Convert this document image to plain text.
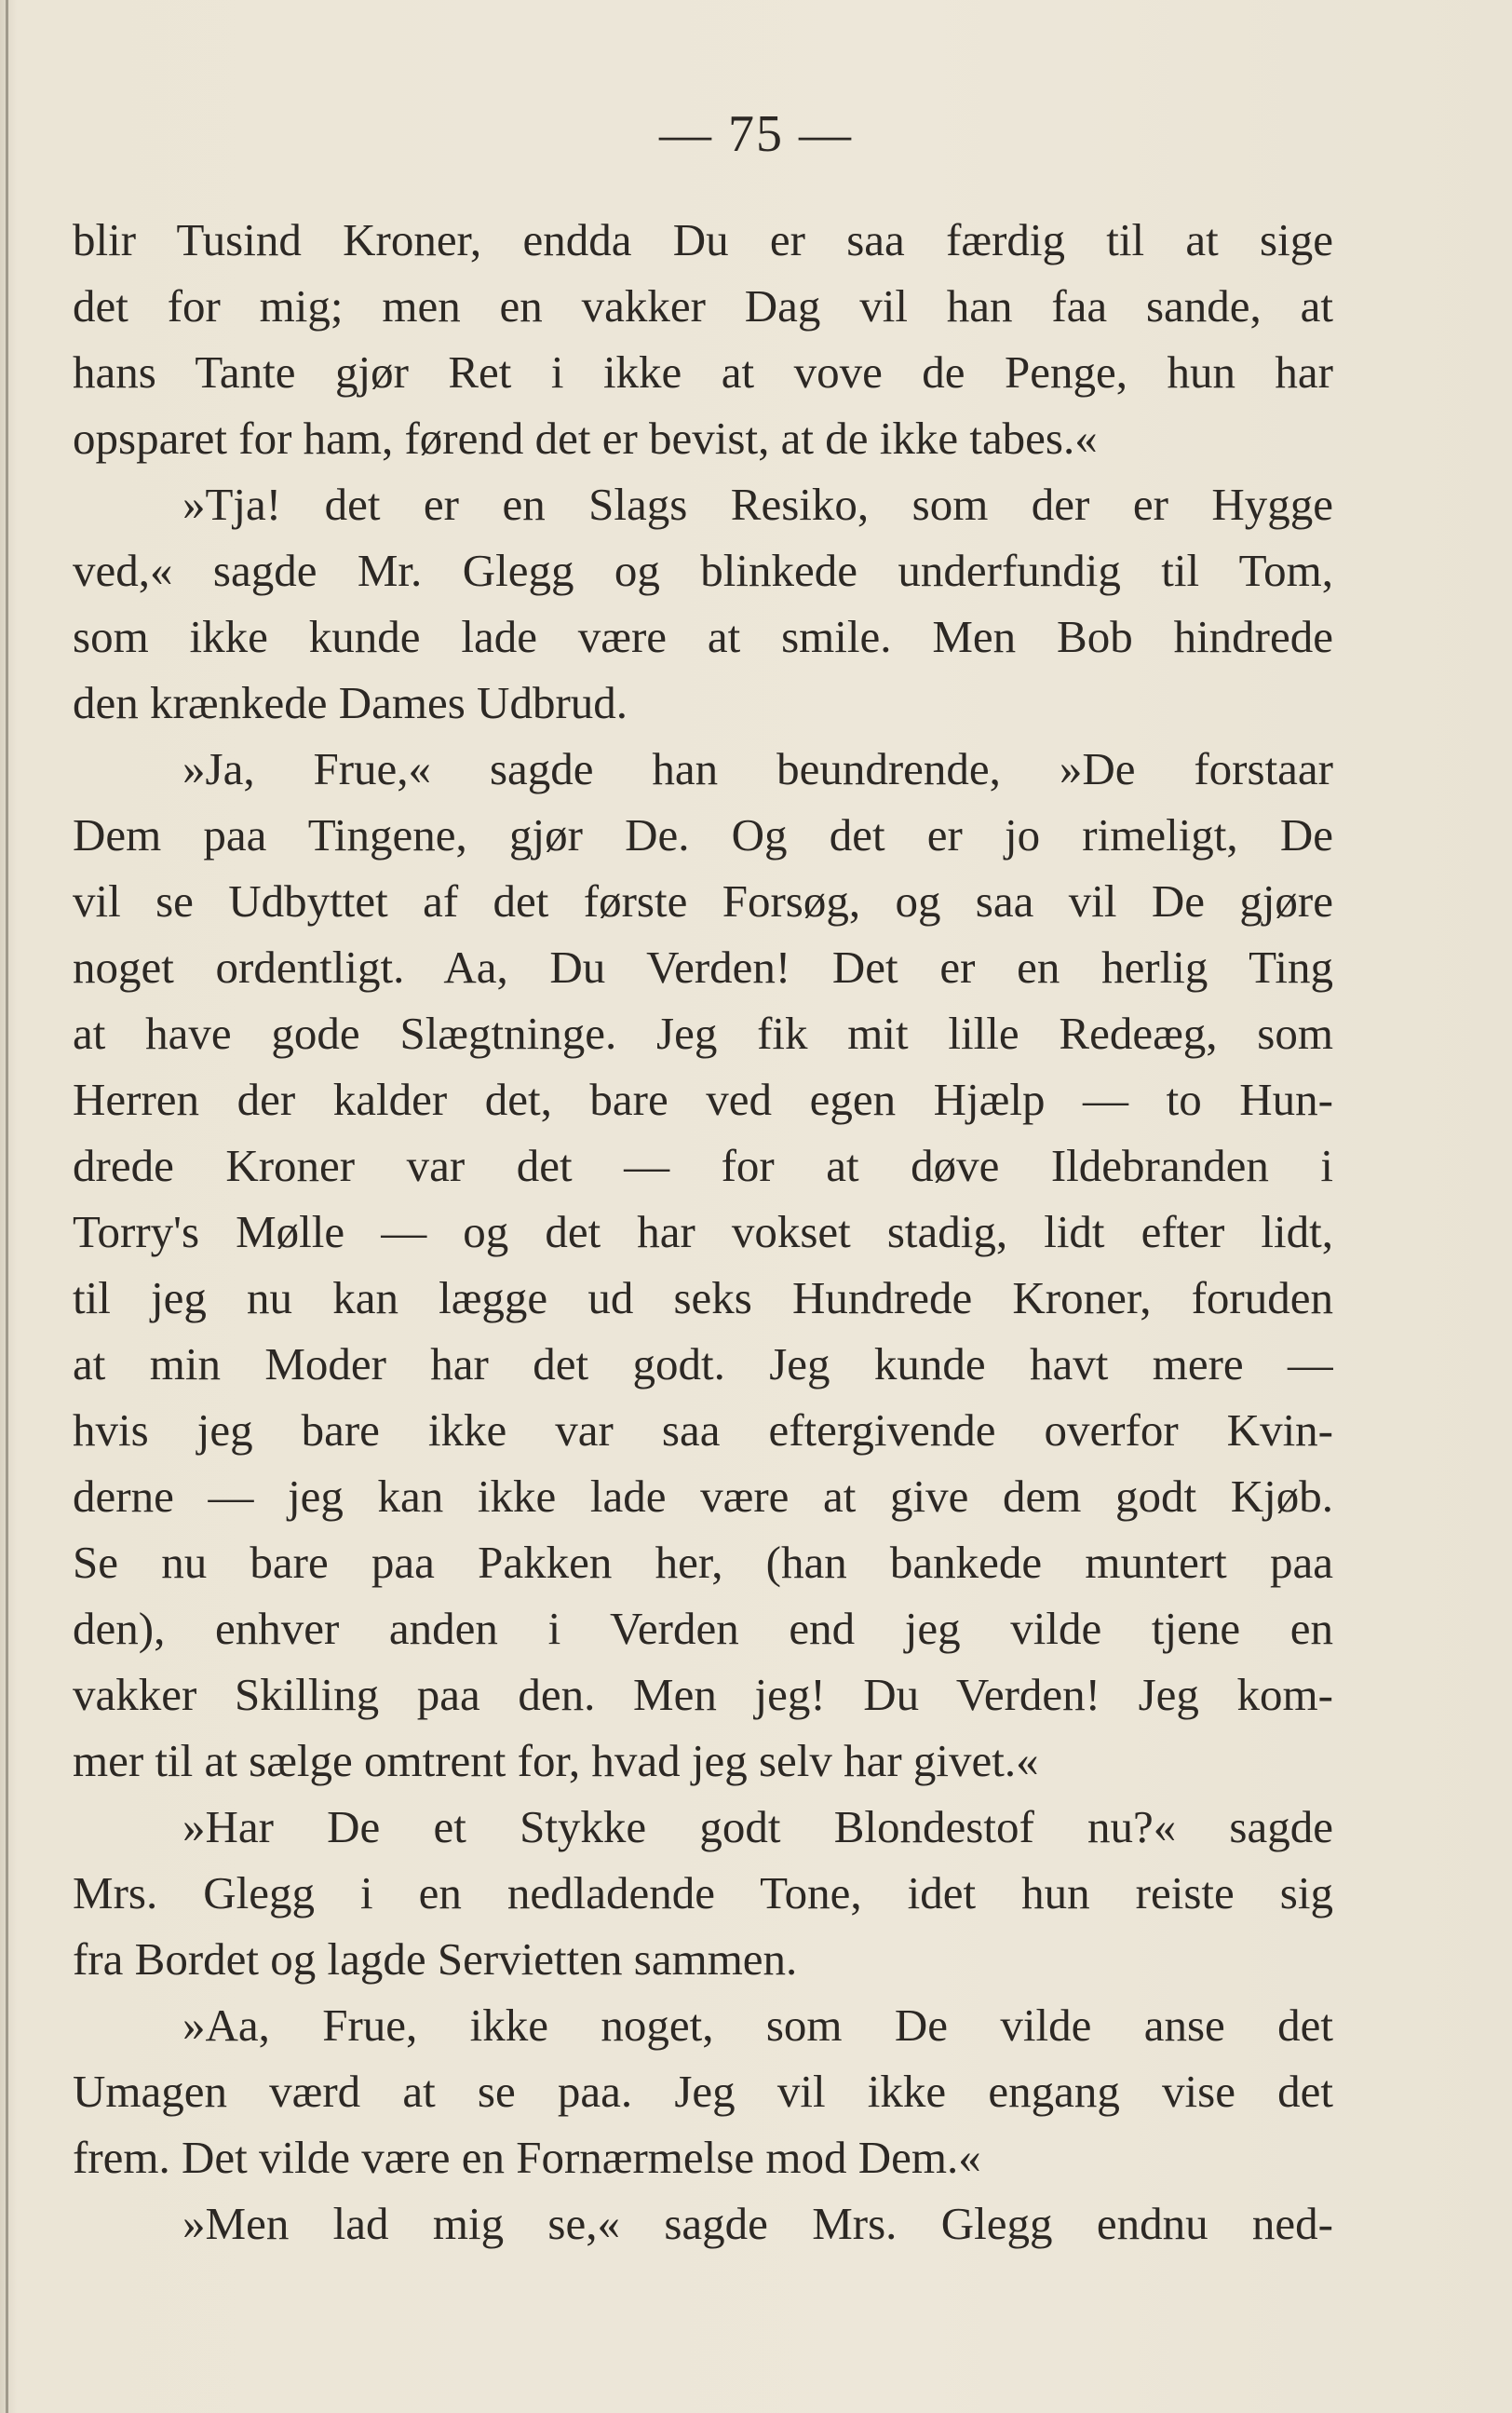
— 75 —
blir Tusind Kroner, endda Du er saa færdig til at sige
det for mig; men en vakker Dag vil han faa sande, at
hans Tante gjør Ret i ikke at vove de Penge, hun har
opsparet for ham, førend det er bevist, at de ikke tabes.«
»Tja! det er en Slags Resiko, som der er Hygge
ved,« sagde Mr. Glegg og blinkede underfundig til Tom,
som ikke kunde lade være at smile. Men Bob hindrede
den krænkede Dames Udbrud.
»Ja, Frue,« sagde han beundrende, »De forstaar
Dem paa Tingene, gjør De. Og det er jo rimeligt, De
vil se Udbyttet af det første Forsøg, og saa vil De gjøre
noget ordentligt. Aa, Du Verden! Det er en herlig Ting
at have gode Slægtninge. Jeg fik mit lille Redeæg, som
Herren der kalder det, bare ved egen Hjælp — to Hun-
drede Kroner var det — for at døve Ildebranden i
Torry's Mølle — og det har vokset stadig, lidt efter lidt,
til jeg nu kan lægge ud seks Hundrede Kroner, foruden
at min Moder har det godt. Jeg kunde havt mere —
hvis jeg bare ikke var saa eftergivende overfor Kvin-
derne — jeg kan ikke lade være at give dem godt Kjøb.
Se nu bare paa Pakken her, (han bankede muntert paa
den), enhver anden i Verden end jeg vilde tjene en
vakker Skilling paa den. Men jeg! Du Verden! Jeg kom-
mer til at sælge omtrent for, hvad jeg selv har givet.«
»Har De et Stykke godt Blondestof nu?« sagde
Mrs. Glegg i en nedladende Tone, idet hun reiste sig
fra Bordet og lagde Servietten sammen.
»Aa, Frue, ikke noget, som De vilde anse det
Umagen værd at se paa. Jeg vil ikke engang vise det
frem. Det vilde være en Fornærmelse mod Dem.«
»Men lad mig se,« sagde Mrs. Glegg endnu ned-
